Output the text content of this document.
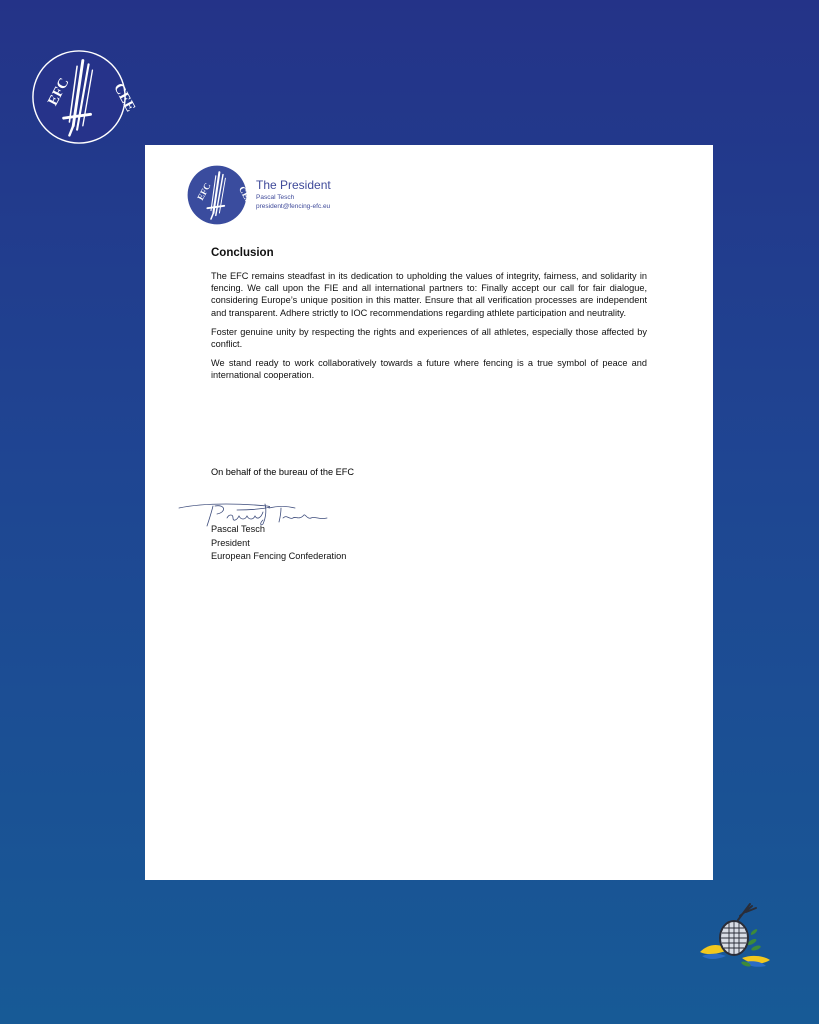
EFC	CEE
EFC CEE The President
Pascal Tesch
president@fencing-efc.eu
Conclusion

The EFC remains steadfast in its dedication to upholding the values of integrity, fairness, and solidarity in fencing. We call upon the FIE and all international partners to: Finally accept our call for fair dialogue, considering Europe’s unique position in this matter. Ensure that all verification processes are independent and transparent. Adhere strictly to IOC recommendations regarding athlete participation and neutrality.

Foster genuine unity by respecting the rights and experiences of all athletes, especially those affected by conflict.

We stand ready to work collaboratively towards a future where fencing is a true symbol of peace and international cooperation.

On behalf of the bureau of the EFC
Pascal Tesch
President
European Fencing Confederation
